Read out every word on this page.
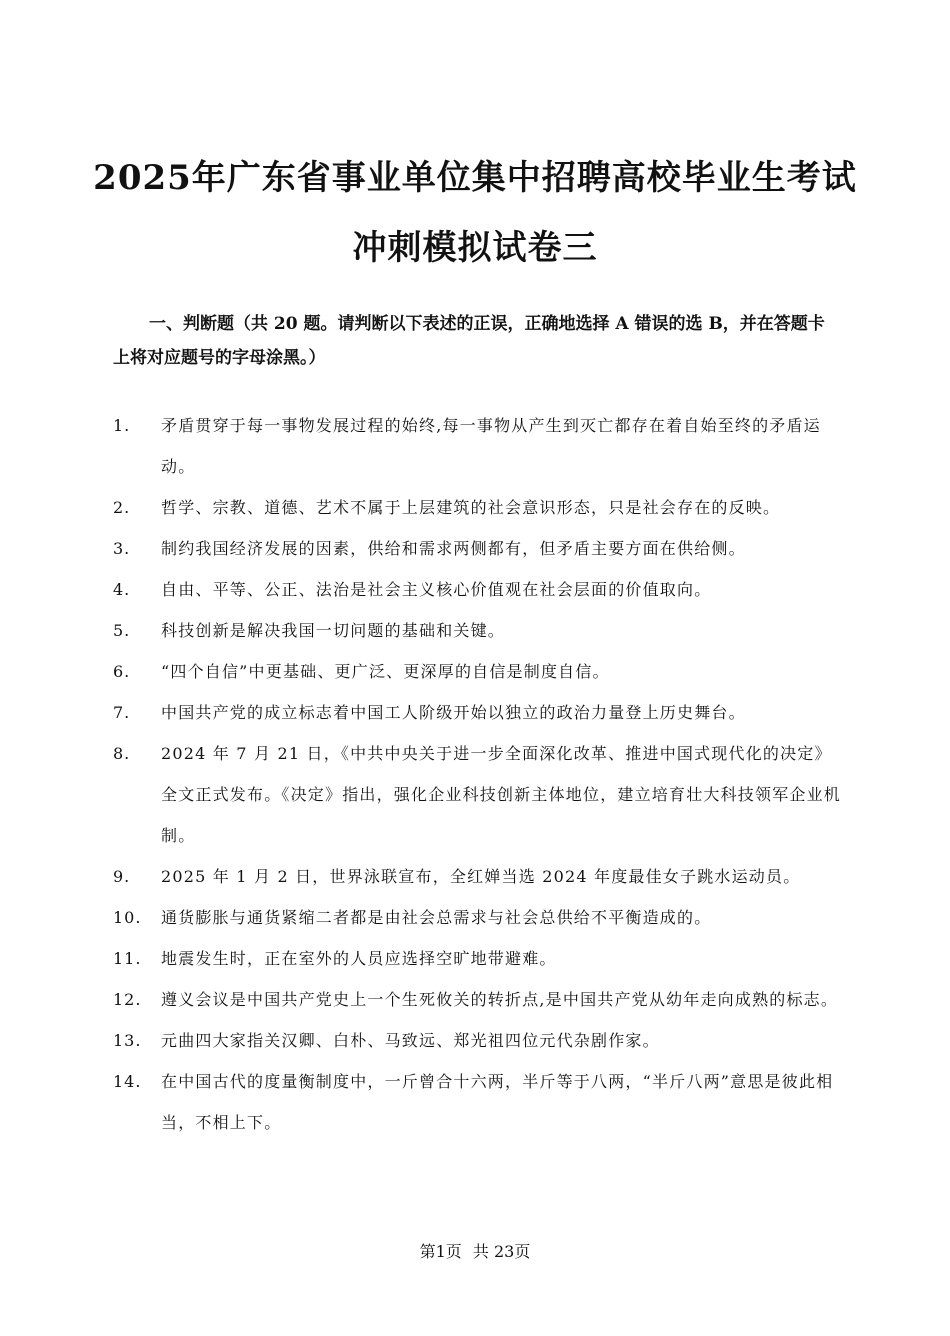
2025年广东省事业单位集中招聘高校毕业生考试
冲刺模拟试卷三
一、判断题（共 20 题。请判断以下表述的正误，正确地选择 A 错误的选 B，并在答题卡上将对应题号的字母涂黑。）
1.	矛盾贯穿于每一事物发展过程的始终,每一事物从产生到灭亡都存在着自始至终的矛盾运动。
2.	哲学、宗教、道德、艺术不属于上层建筑的社会意识形态，只是社会存在的反映。
3.	制约我国经济发展的因素，供给和需求两侧都有，但矛盾主要方面在供给侧。
4.	自由、平等、公正、法治是社会主义核心价值观在社会层面的价值取向。
5.	科技创新是解决我国一切问题的基础和关键。
6.	“四个自信”中更基础、更广泛、更深厚的自信是制度自信。
7.	中国共产党的成立标志着中国工人阶级开始以独立的政治力量登上历史舞台。
8.	2024 年 7 月 21 日，《中共中央关于进一步全面深化改革、推进中国式现代化的决定》全文正式发布。《决定》指出，强化企业科技创新主体地位，建立培育壮大科技领军企业机制。
9.	2025 年 1 月 2 日，世界泳联宣布，全红婵当选 2024 年度最佳女子跳水运动员。
10.	通货膨胀与通货紧缩二者都是由社会总需求与社会总供给不平衡造成的。
11.	地震发生时，正在室外的人员应选择空旷地带避难。
12.	遵义会议是中国共产党史上一个生死攸关的转折点,是中国共产党从幼年走向成熟的标志。
13.	元曲四大家指关汉卿、白朴、马致远、郑光祖四位元代杂剧作家。
14.	在中国古代的度量衡制度中，一斤曾合十六两，半斤等于八两，“半斤八两”意思是彼此相当，不相上下。
第1页 共 23页
